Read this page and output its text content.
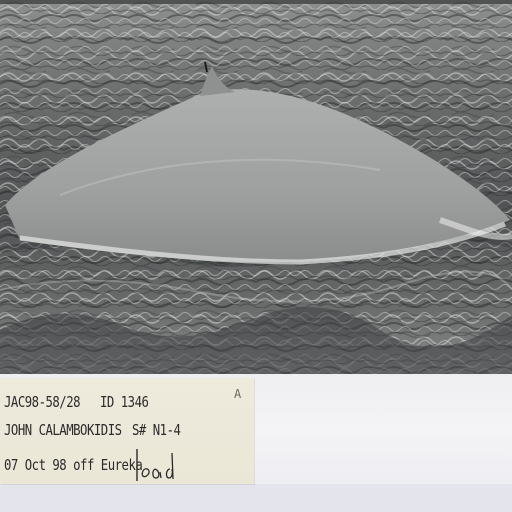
JAC98-58/28 ID 1346	A
JOHN CALAMBOKIDIS S# N1-4
07 Oct 98 off Eureka
